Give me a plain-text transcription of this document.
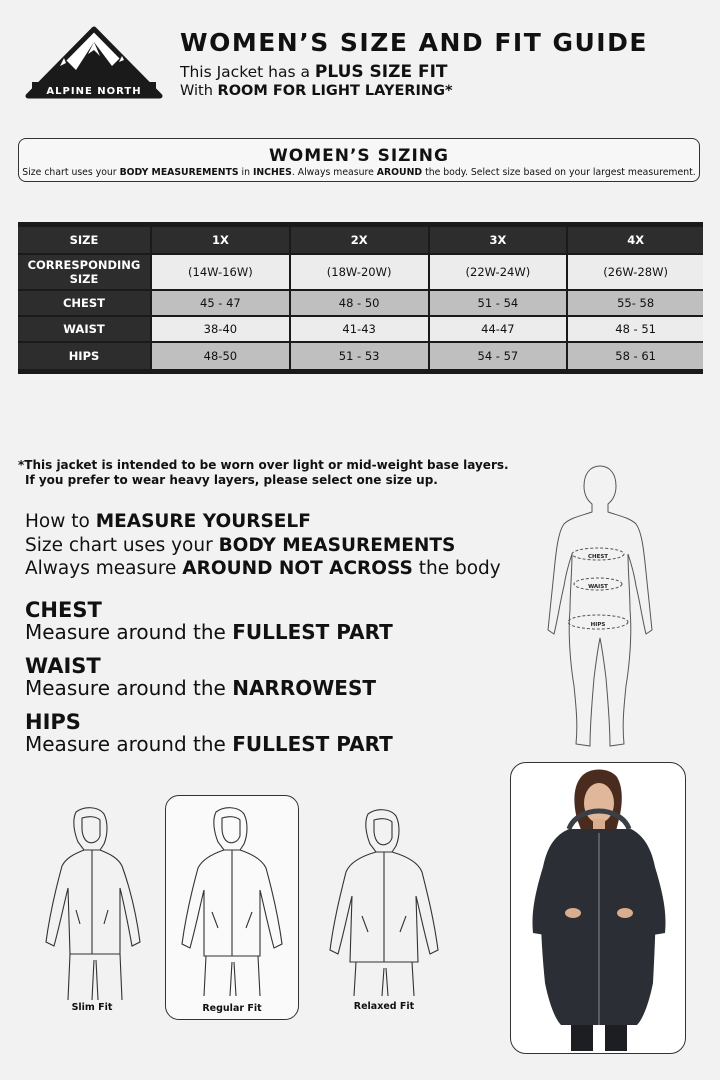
ALPINE NORTH
WOMEN’S SIZE AND FIT GUIDE
This Jacket has a PLUS SIZE FIT
With ROOM FOR LIGHT LAYERING*
WOMEN’S SIZING
Size chart uses your BODY MEASUREMENTS in INCHES. Always measure AROUND the body. Select size based on your largest measurement.
SIZE	1X	2X	3X	4X
CORRESPONDING
SIZE	(14W-16W)	(18W-20W)	(22W-24W)	(26W-28W)
CHEST	45 - 47	48 - 50	51 - 54	55- 58
WAIST	38-40	41-43	44-47	48 - 51
HIPS	48-50	51 - 53	54 - 57	58 - 61
*This jacket is intended to be worn over light or mid-weight base layers.
If you prefer to wear heavy layers, please select one size up.
How to MEASURE YOURSELF
Size chart uses your BODY MEASUREMENTS
Always measure AROUND NOT ACROSS the body
CHEST
Measure around the FULLEST PART
WAIST
Measure around the NARROWEST
HIPS
Measure around the FULLEST PART
CHEST
WAIST
HIPS
Slim Fit	Regular Fit	Relaxed Fit
